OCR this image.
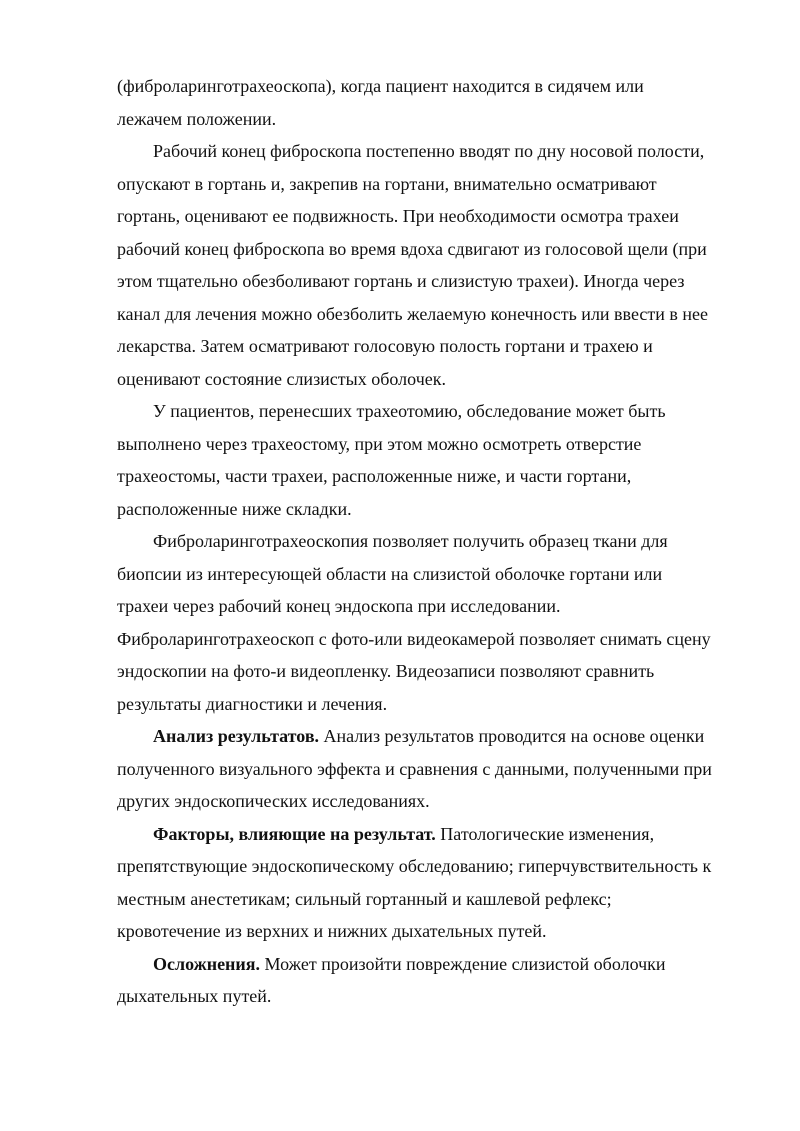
(фиброларинготрахеоскопа), когда пациент находится в сидячем или
лежачем положении.
Рабочий конец фиброскопа постепенно вводят по дну носовой полости,
опускают в гортань и, закрепив на гортани, внимательно осматривают
гортань, оценивают ее подвижность. При необходимости осмотра трахеи
рабочий конец фиброскопа во время вдоха сдвигают из голосовой щели (при
этом тщательно обезболивают гортань и слизистую трахеи). Иногда через
канал для лечения можно обезболить желаемую конечность или ввести в нее
лекарства. Затем осматривают голосовую полость гортани и трахею и
оценивают состояние слизистых оболочек.
У пациентов, перенесших трахеотомию, обследование может быть
выполнено через трахеостому, при этом можно осмотреть отверстие
трахеостомы, части трахеи, расположенные ниже, и части гортани,
расположенные ниже складки.
Фиброларинготрахеоскопия позволяет получить образец ткани для
биопсии из интересующей области на слизистой оболочке гортани или
трахеи через рабочий конец эндоскопа при исследовании.
Фиброларинготрахеоскоп с фото-или видеокамерой позволяет снимать сцену
эндоскопии на фото-и видеопленку. Видеозаписи позволяют сравнить
результаты диагностики и лечения.
Анализ результатов. Анализ результатов проводится на основе оценки
полученного визуального эффекта и сравнения с данными, полученными при
других эндоскопических исследованиях.
Факторы, влияющие на результат. Патологические изменения,
препятствующие эндоскопическому обследованию; гиперчувствительность к
местным анестетикам; сильный гортанный и кашлевой рефлекс;
кровотечение из верхних и нижних дыхательных путей.
Осложнения. Может произойти повреждение слизистой оболочки
дыхательных путей.
